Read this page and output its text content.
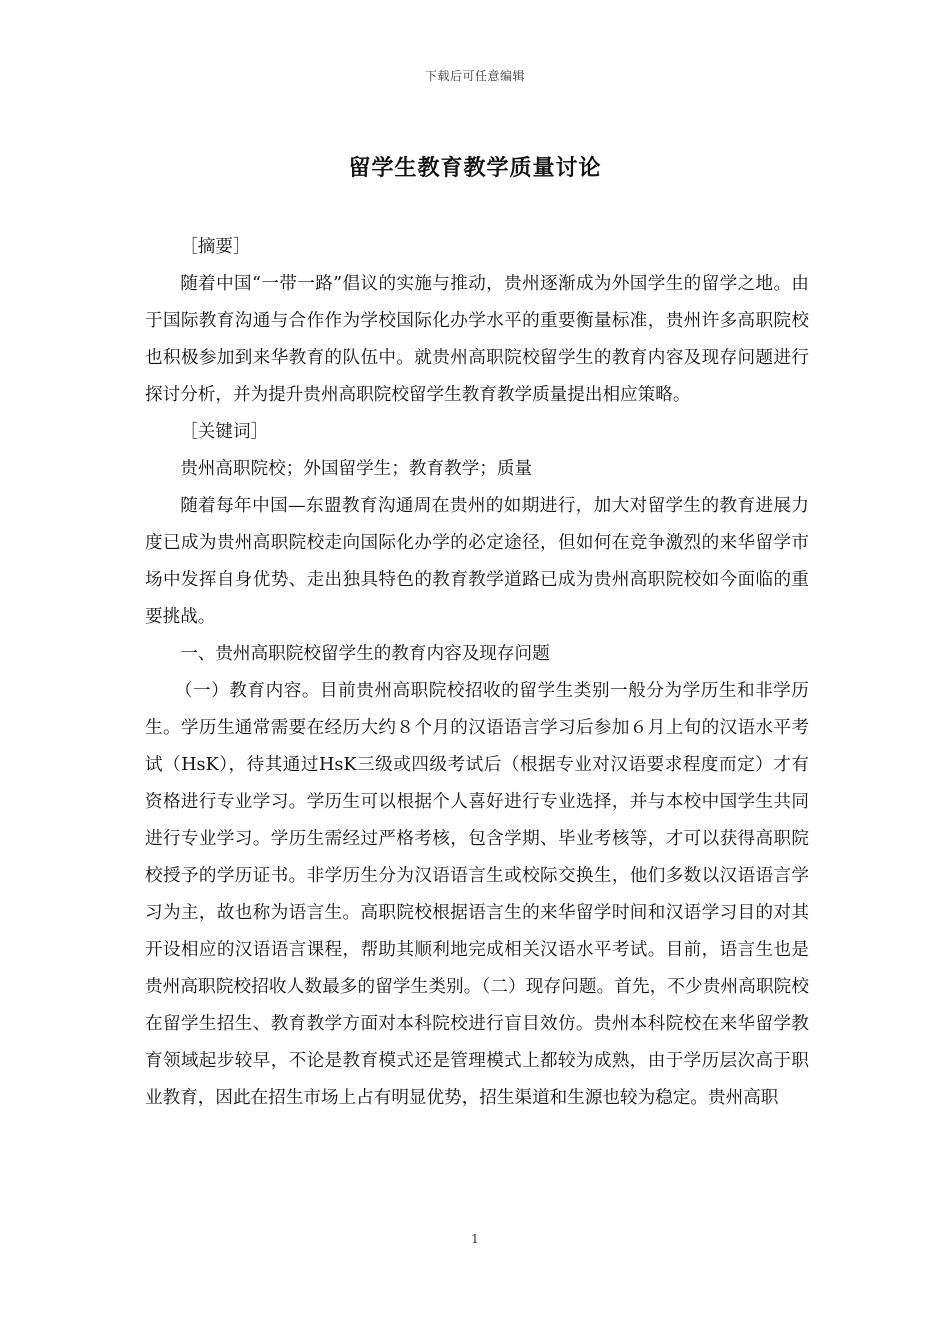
下载后可任意编辑
留学生教育教学质量讨论

［摘要］

随着中国“一带一路”倡议的实施与推动，贵州逐渐成为外国学生的留学之地。由于国际教育沟通与合作作为学校国际化办学水平的重要衡量标准，贵州许多高职院校也积极参加到来华教育的队伍中。就贵州高职院校留学生的教育内容及现存问题进行探讨分析，并为提升贵州高职院校留学生教育教学质量提出相应策略。

［关键词］

贵州高职院校；外国留学生；教育教学；质量

随着每年中国—东盟教育沟通周在贵州的如期进行，加大对留学生的教育进展力度已成为贵州高职院校走向国际化办学的必定途径，但如何在竞争激烈的来华留学市场中发挥自身优势、走出独具特色的教育教学道路已成为贵州高职院校如今面临的重要挑战。

一、贵州高职院校留学生的教育内容及现存问题

（一）教育内容。目前贵州高职院校招收的留学生类别一般分为学历生和非学历生。学历生通常需要在经历大约８个月的汉语语言学习后参加６月上旬的汉语水平考试（HsK），待其通过HsK三级或四级考试后（根据专业对汉语要求程度而定）才有资格进行专业学习。学历生可以根据个人喜好进行专业选择，并与本校中国学生共同进行专业学习。学历生需经过严格考核，包含学期、毕业考核等，才可以获得高职院校授予的学历证书。非学历生分为汉语语言生或校际交换生，他们多数以汉语语言学习为主，故也称为语言生。高职院校根据语言生的来华留学时间和汉语学习目的对其开设相应的汉语语言课程，帮助其顺利地完成相关汉语水平考试。目前，语言生也是贵州高职院校招收人数最多的留学生类别。（二）现存问题。首先，不少贵州高职院校在留学生招生、教育教学方面对本科院校进行盲目效仿。贵州本科院校在来华留学教育领域起步较早，不论是教育模式还是管理模式上都较为成熟，由于学历层次高于职业教育，因此在招生市场上占有明显优势，招生渠道和生源也较为稳定。贵州高职

1
